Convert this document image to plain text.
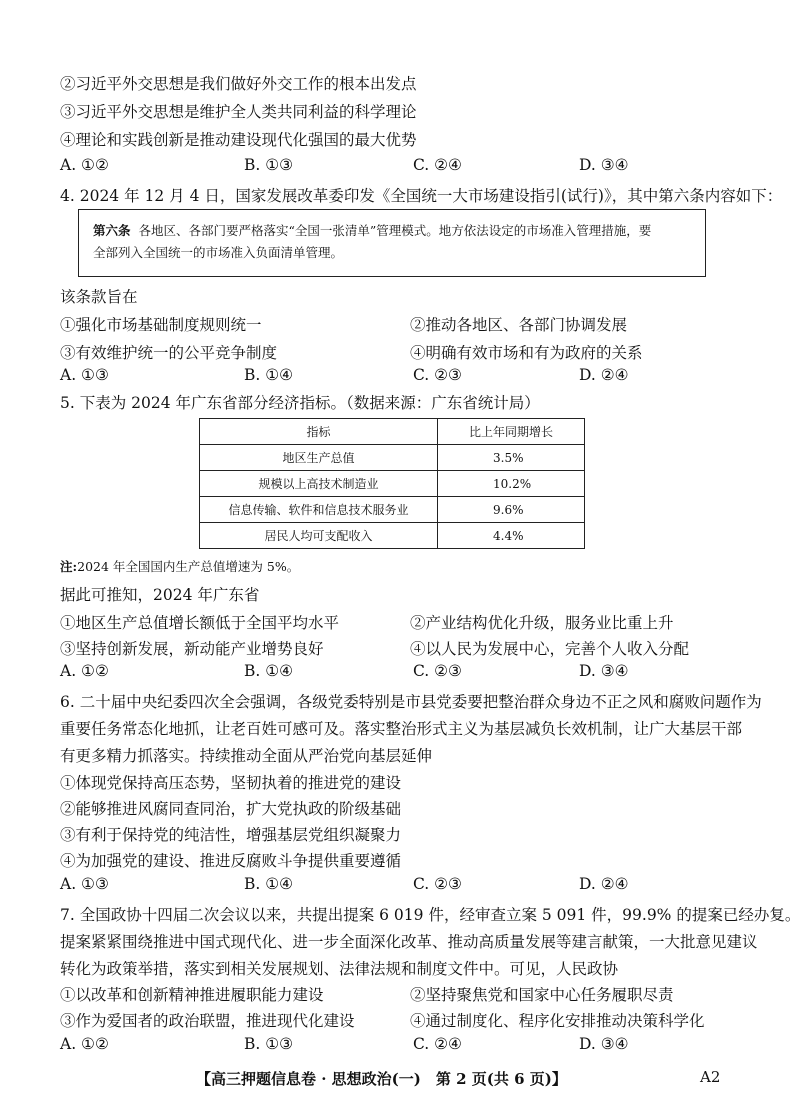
②习近平外交思想是我们做好外交工作的根本出发点
③习近平外交思想是维护全人类共同利益的科学理论
④理论和实践创新是推动建设现代化强国的最大优势
A. ①②	B. ①③	C. ②④	D. ③④
4. 2024 年 12 月 4 日，国家发展改革委印发《全国统一大市场建设指引(试行)》，其中第六条内容如下：
第六条 各地区、各部门要严格落实“全国一张清单”管理模式。地方依法设定的市场准入管理措施，要
全部列入全国统一的市场准入负面清单管理。
该条款旨在
①强化市场基础制度规则统一	②推动各地区、各部门协调发展
③有效维护统一的公平竞争制度	④明确有效市场和有为政府的关系
A. ①③	B. ①④	C. ②③	D. ②④
5. 下表为 2024 年广东省部分经济指标。（数据来源：广东省统计局）
指标	比上年同期增长
地区生产总值	3.5%
规模以上高技术制造业	10.2%
信息传输、软件和信息技术服务业	9.6%
居民人均可支配收入	4.4%
注:2024 年全国国内生产总值增速为 5%。
据此可推知，2024 年广东省
①地区生产总值增长额低于全国平均水平	②产业结构优化升级，服务业比重上升
③坚持创新发展，新动能产业增势良好	④以人民为发展中心，完善个人收入分配
A. ①②	B. ①④	C. ②③	D. ③④
6. 二十届中央纪委四次全会强调，各级党委特别是市县党委要把整治群众身边不正之风和腐败问题作为
重要任务常态化地抓，让老百姓可感可及。落实整治形式主义为基层减负长效机制，让广大基层干部
有更多精力抓落实。持续推动全面从严治党向基层延伸
①体现党保持高压态势，坚韧执着的推进党的建设
②能够推进风腐同查同治，扩大党执政的阶级基础
③有利于保持党的纯洁性，增强基层党组织凝聚力
④为加强党的建设、推进反腐败斗争提供重要遵循
A. ①③	B. ①④	C. ②③	D. ②④
7. 全国政协十四届二次会议以来，共提出提案 6 019 件，经审查立案 5 091 件，99.9% 的提案已经办复。
提案紧紧围绕推进中国式现代化、进一步全面深化改革、推动高质量发展等建言献策，一大批意见建议
转化为政策举措，落实到相关发展规划、法律法规和制度文件中。可见，人民政协
①以改革和创新精神推进履职能力建设	②坚持聚焦党和国家中心任务履职尽责
③作为爱国者的政治联盟，推进现代化建设	④通过制度化、程序化安排推动决策科学化
A. ①②	B. ①③	C. ②④	D. ③④
【高三押题信息卷 · 思想政治(一)　第 2 页(共 6 页)】	A2
